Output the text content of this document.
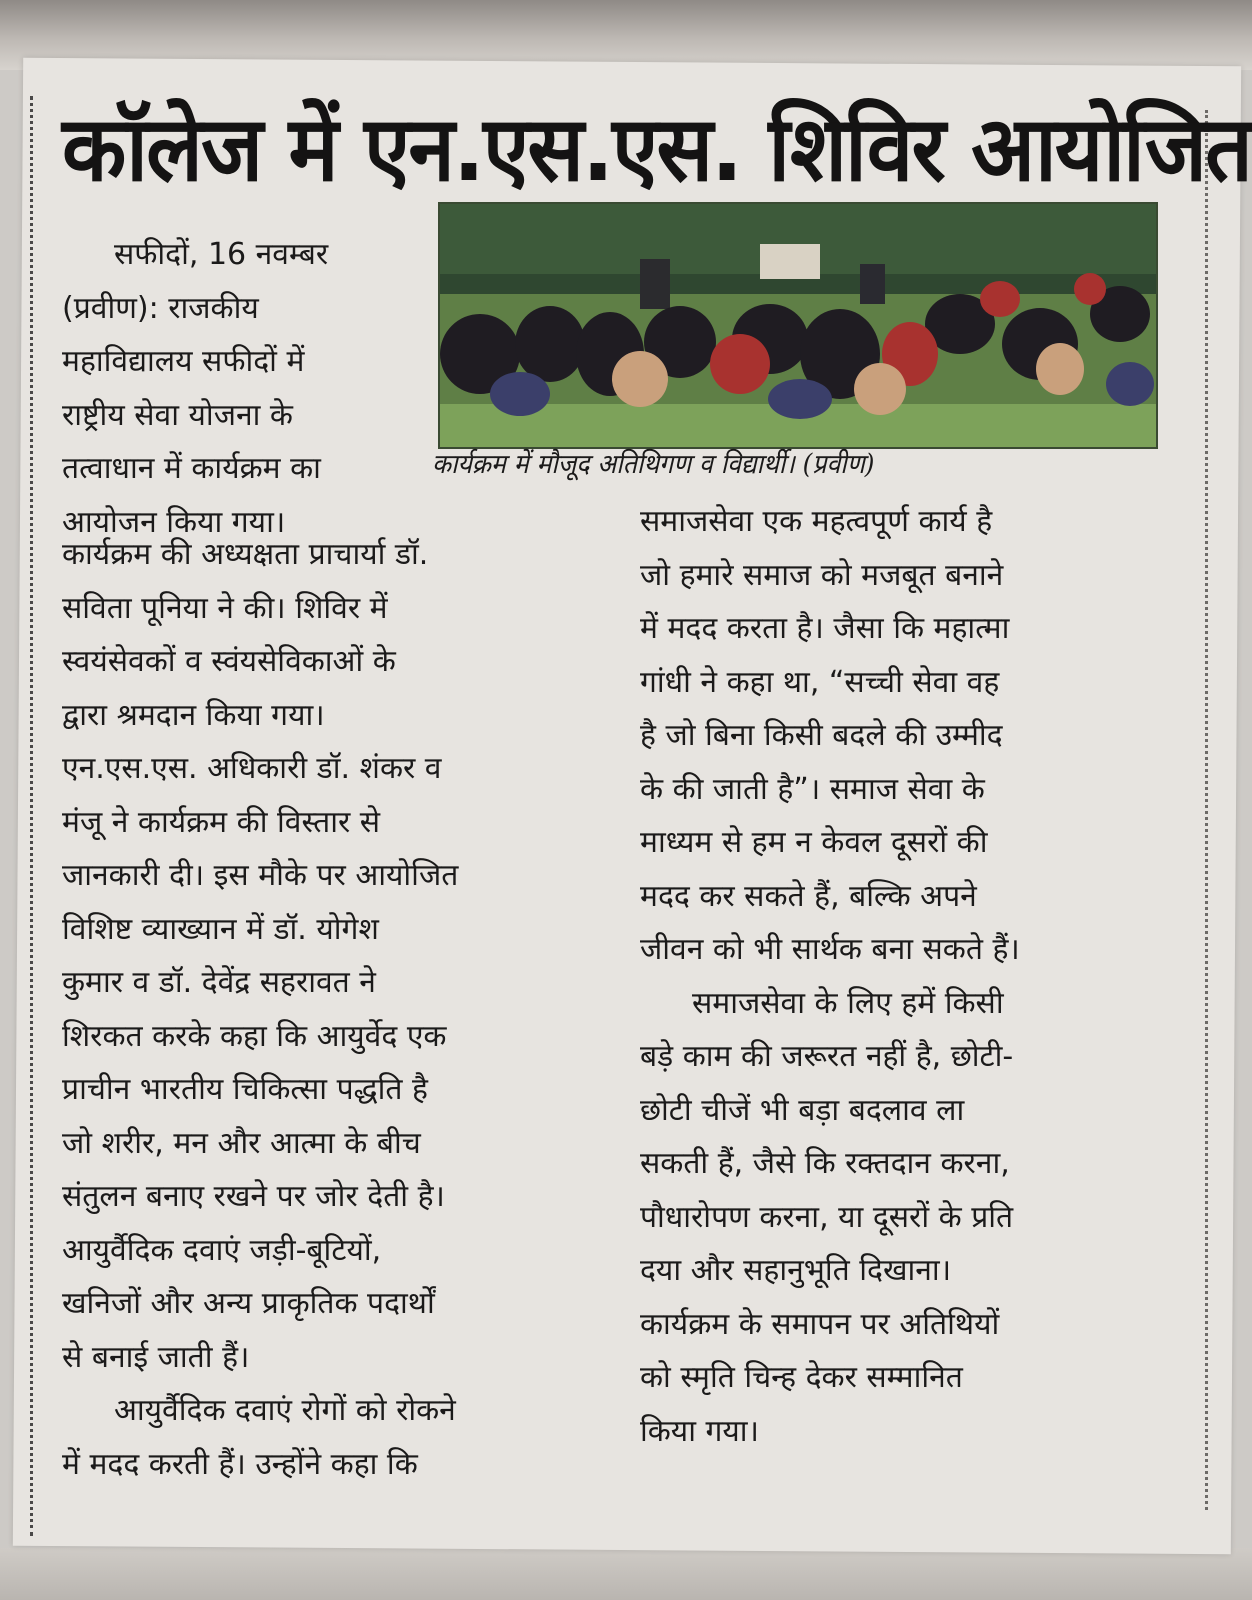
कॉलेज में एन.एस.एस. शिविर आयोजित
कार्यक्रम में मौजूद अतिथिगण व विद्यार्थी। (प्रवीण)
सफीदों, 16 नवम्बर
(प्रवीण): राजकीय
महाविद्यालय सफीदों में
राष्ट्रीय सेवा योजना के
तत्वाधान में कार्यक्रम का
आयोजन किया गया।
कार्यक्रम की अध्यक्षता प्राचार्या डॉ.
सविता पूनिया ने की। शिविर में
स्वयंसेवकों व स्वंयसेविकाओं के
द्वारा श्रमदान किया गया।
एन.एस.एस. अधिकारी डॉ. शंकर व
मंजू ने कार्यक्रम की विस्तार से
जानकारी दी। इस मौके पर आयोजित
विशिष्ट व्याख्यान में डॉ. योगेश
कुमार व डॉ. देवेंद्र सहरावत ने
शिरकत करके कहा कि आयुर्वेद एक
प्राचीन भारतीय चिकित्सा पद्धति है
जो शरीर, मन और आत्मा के बीच
संतुलन बनाए रखने पर जोर देती है।
आयुर्वैदिक दवाएं जड़ी-बूटियों,
खनिजों और अन्य प्राकृतिक पदार्थों
से बनाई जाती हैं।
आयुर्वैदिक दवाएं रोगों को रोकने
में मदद करती हैं। उन्होंने कहा कि
समाजसेवा एक महत्वपूर्ण कार्य है
जो हमारे समाज को मजबूत बनाने
में मदद करता है। जैसा कि महात्मा
गांधी ने कहा था, “सच्ची सेवा वह
है जो बिना किसी बदले की उम्मीद
के की जाती है”। समाज सेवा के
माध्यम से हम न केवल दूसरों की
मदद कर सकते हैं, बल्कि अपने
जीवन को भी सार्थक बना सकते हैं।
समाजसेवा के लिए हमें किसी
बड़े काम की जरूरत नहीं है, छोटी-
छोटी चीजें भी बड़ा बदलाव ला
सकती हैं, जैसे कि रक्तदान करना,
पौधारोपण करना, या दूसरों के प्रति
दया और सहानुभूति दिखाना।
कार्यक्रम के समापन पर अतिथियों
को स्मृति चिन्ह देकर सम्मानित
किया गया।
